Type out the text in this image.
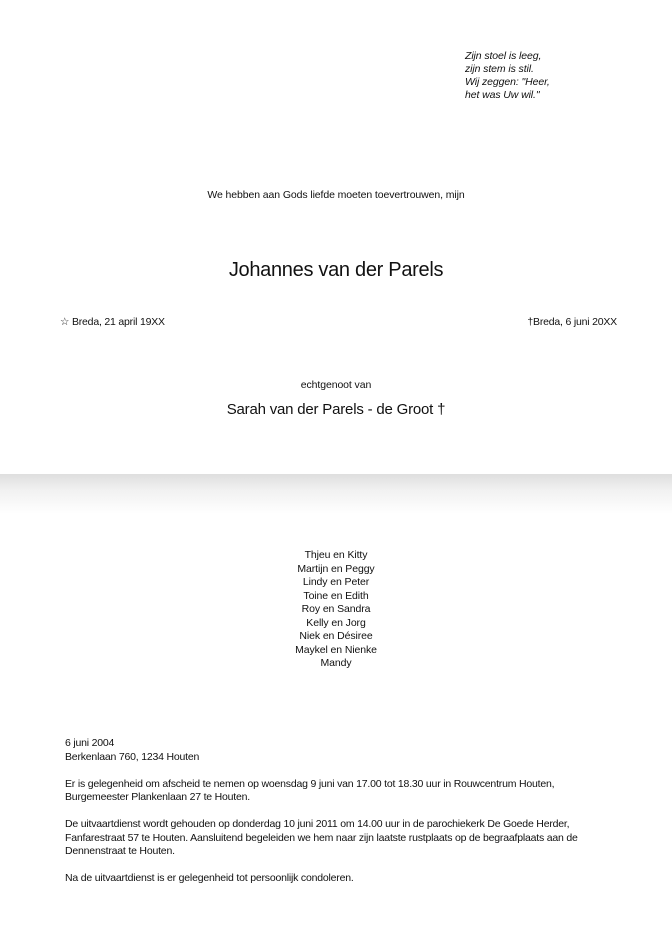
Zijn stoel is leeg,
zijn stem is stil.
Wij zeggen: "Heer,
het was Uw wil."
We hebben aan Gods liefde moeten toevertrouwen, mijn
Johannes van der Parels
☆ Breda, 21 april 19XX	†Breda, 6 juni 20XX
echtgenoot van
Sarah van der Parels - de Groot †
Thjeu en Kitty
Martijn en Peggy
Lindy en Peter
Toine en Edith
Roy en Sandra
Kelly en Jorg
Niek en Désiree
Maykel en Nienke
Mandy

6 juni 2004
Berkenlaan 760, 1234 Houten

Er is gelegenheid om afscheid te nemen op woensdag 9 juni van 17.00 tot 18.30 uur in Rouwcentrum Houten,
Burgemeester Plankenlaan 27 te Houten.

De uitvaartdienst wordt gehouden op donderdag 10 juni 2011 om 14.00 uur in de parochiekerk De Goede Herder,
Fanfarestraat 57 te Houten. Aansluitend begeleiden we hem naar zijn laatste rustplaats op de begraafplaats aan de
Dennenstraat te Houten.

Na de uitvaartdienst is er gelegenheid tot persoonlijk condoleren.
